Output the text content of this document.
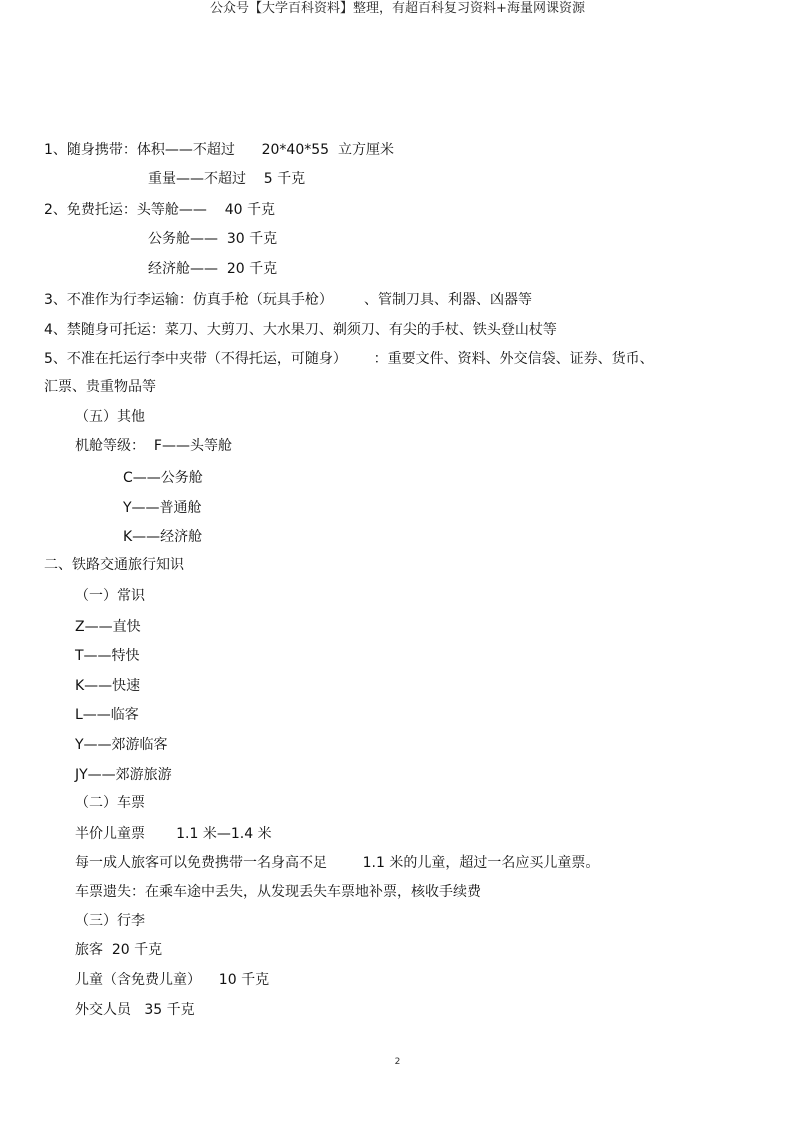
公众号【大学百科资料】整理，有超百科复习资料+海量网课资源
1、随身携带：体积——不超过      20*40*55  立方厘米
重量——不超过    5 千克
2、免费托运：头等舱——    40 千克
公务舱——  30 千克
经济舱——  20 千克
3、不准作为行李运输：仿真手枪（玩具手枪）       、管制刀具、利器、凶器等
4、禁随身可托运：菜刀、大剪刀、大水果刀、剃须刀、有尖的手杖、铁头登山杖等
5、不准在托运行李中夹带（不得托运，可随身）      ：重要文件、资料、外交信袋、证券、货币、
汇票、贵重物品等
（五）其他
机舱等级：  F——头等舱
C——公务舱
Y——普通舱
K——经济舱
二、铁路交通旅行知识
（一）常识
Z——直快
T——特快
K——快速
L——临客
Y——郊游临客
JY——郊游旅游
（二）车票
半价儿童票       1.1 米—1.4 米
每一成人旅客可以免费携带一名身高不足        1.1 米的儿童，超过一名应买儿童票。
车票遗失：在乘车途中丢失，从发现丢失车票地补票，核收手续费
（三）行李
旅客  20 千克
儿童（含免费儿童）    10 千克
外交人员   35 千克
2
